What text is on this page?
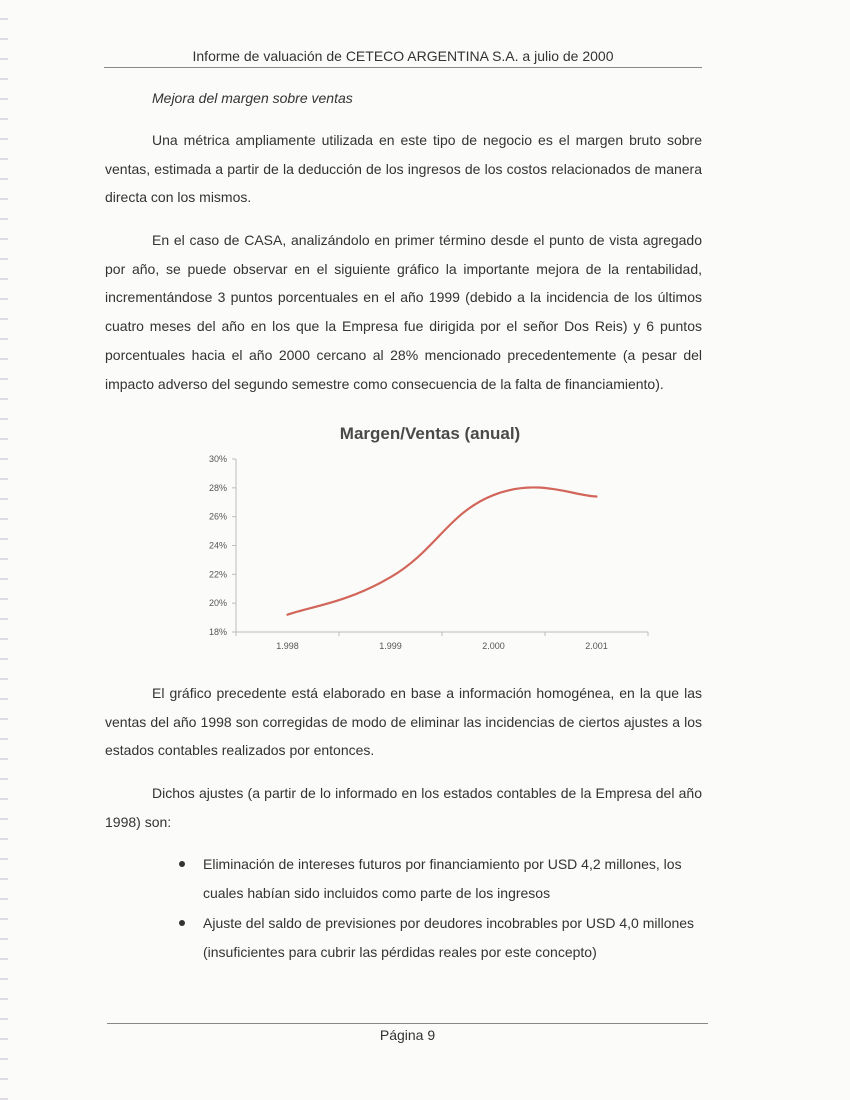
Informe de valuación de CETECO ARGENTINA S.A. a julio de 2000
Mejora del margen sobre ventas

Una métrica ampliamente utilizada en este tipo de negocio es el margen bruto sobre ventas, estimada a partir de la deducción de los ingresos de los costos relacionados de manera directa con los mismos.

En el caso de CASA, analizándolo en primer término desde el punto de vista agregado por año, se puede observar en el siguiente gráfico la importante mejora de la rentabilidad, incrementándose 3 puntos porcentuales en el año 1999 (debido a la incidencia de los últimos cuatro meses del año en los que la Empresa fue dirigida por el señor Dos Reis) y 6 puntos porcentuales hacia el año 2000 cercano al 28% mencionado precedentemente (a pesar del impacto adverso del segundo semestre como consecuencia de la falta de financiamiento).

Margen/Ventas (anual)
18%
20%
22%
24%
26%
28%
30%
1.998	1.999	2.000	2.001

El gráfico precedente está elaborado en base a información homogénea, en la que las ventas del año 1998 son corregidas de modo de eliminar las incidencias de ciertos ajustes a los estados contables realizados por entonces.

Dichos ajustes (a partir de lo informado en los estados contables de la Empresa del año 1998) son:

Eliminación de intereses futuros por financiamiento por USD 4,2 millones, los cuales habían sido incluidos como parte de los ingresos
Ajuste del saldo de previsiones por deudores incobrables por USD 4,0 millones (insuficientes para cubrir las pérdidas reales por este concepto)
Página 9
